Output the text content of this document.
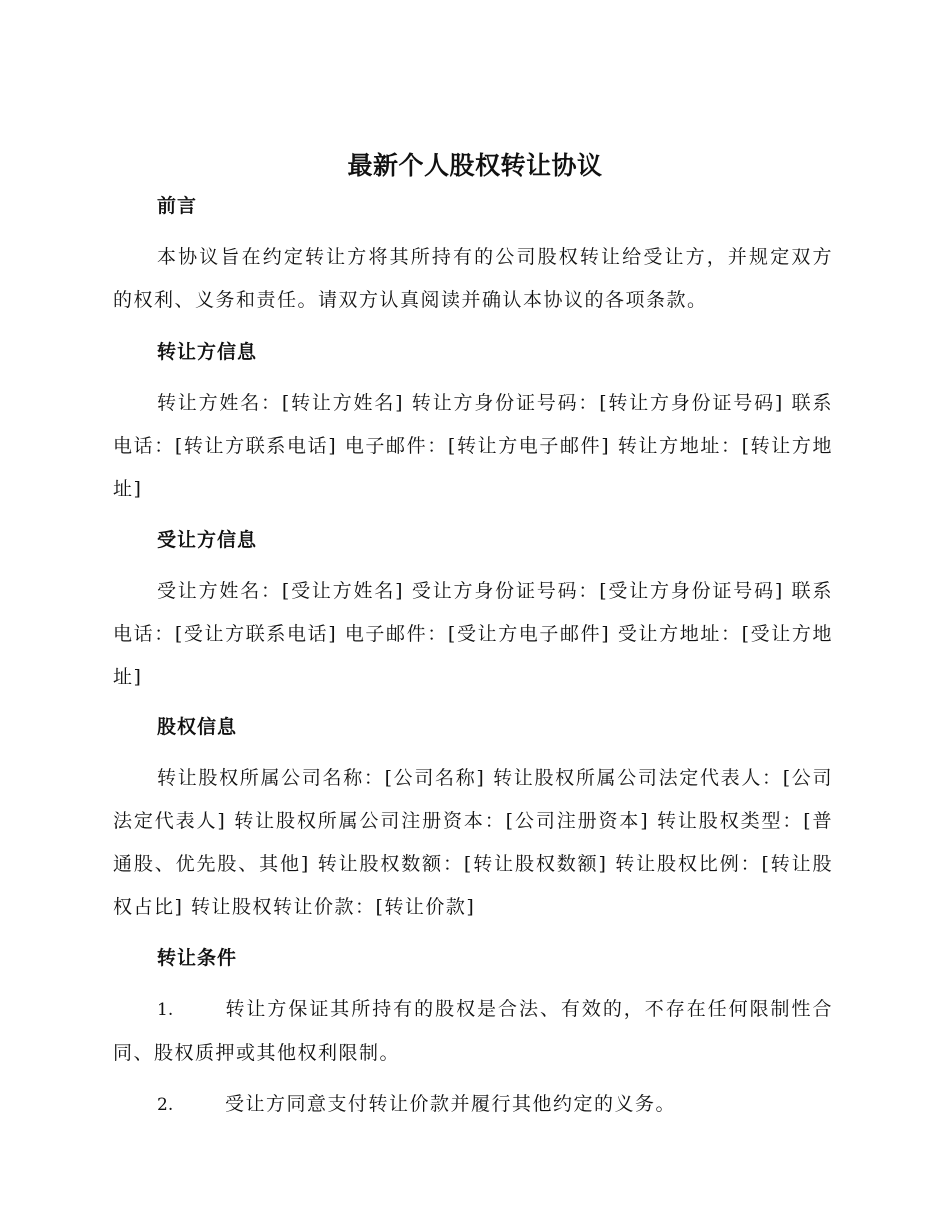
最新个人股权转让协议
前言
本协议旨在约定转让方将其所持有的公司股权转让给受让方，并规定双方的权利、义务和责任。请双方认真阅读并确认本协议的各项条款。
转让方信息
转让方姓名：[转让方姓名] 转让方身份证号码：[转让方身份证号码] 联系电话：[转让方联系电话] 电子邮件：[转让方电子邮件] 转让方地址：[转让方地址]
受让方信息
受让方姓名：[受让方姓名] 受让方身份证号码：[受让方身份证号码] 联系电话：[受让方联系电话] 电子邮件：[受让方电子邮件] 受让方地址：[受让方地址]
股权信息
转让股权所属公司名称：[公司名称] 转让股权所属公司法定代表人：[公司法定代表人] 转让股权所属公司注册资本：[公司注册资本] 转让股权类型：[普通股、优先股、其他] 转让股权数额：[转让股权数额] 转让股权比例：[转让股权占比] 转让股权转让价款：[转让价款]
转让条件
1.	转让方保证其所持有的股权是合法、有效的，不存在任何限制性合同、股权质押或其他权利限制。
2.	受让方同意支付转让价款并履行其他约定的义务。
